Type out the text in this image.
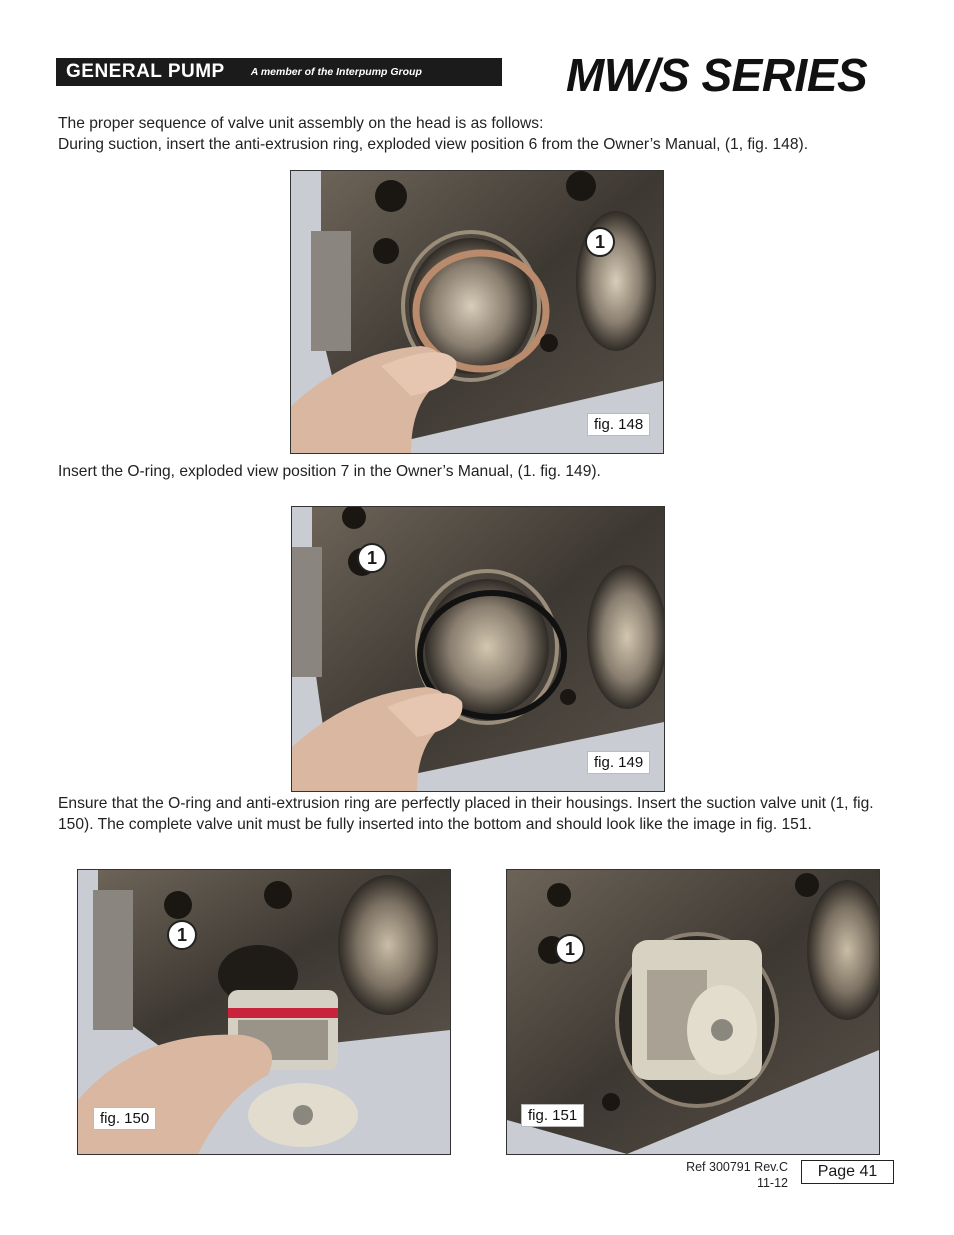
GENERAL PUMP A member of the Interpump Group	MW/S SERIES
The proper sequence of valve unit assembly on the head is as follows:
During suction, insert the anti-extrusion ring, exploded view position 6 from the Owner’s Manual, (1, fig. 148).
1
fig. 148
Insert the O-ring, exploded view position 7 in the Owner’s Manual, (1. fig. 149).
1
fig. 149
Ensure that the O-ring and anti-extrusion ring are perfectly placed in their housings. Insert the suction valve unit (1, fig. 150). The complete valve unit must be fully inserted into the bottom and should look like the image in fig. 151.
1
fig. 150
1
fig. 151
Ref 300791 Rev.C
11-12
Page 41
